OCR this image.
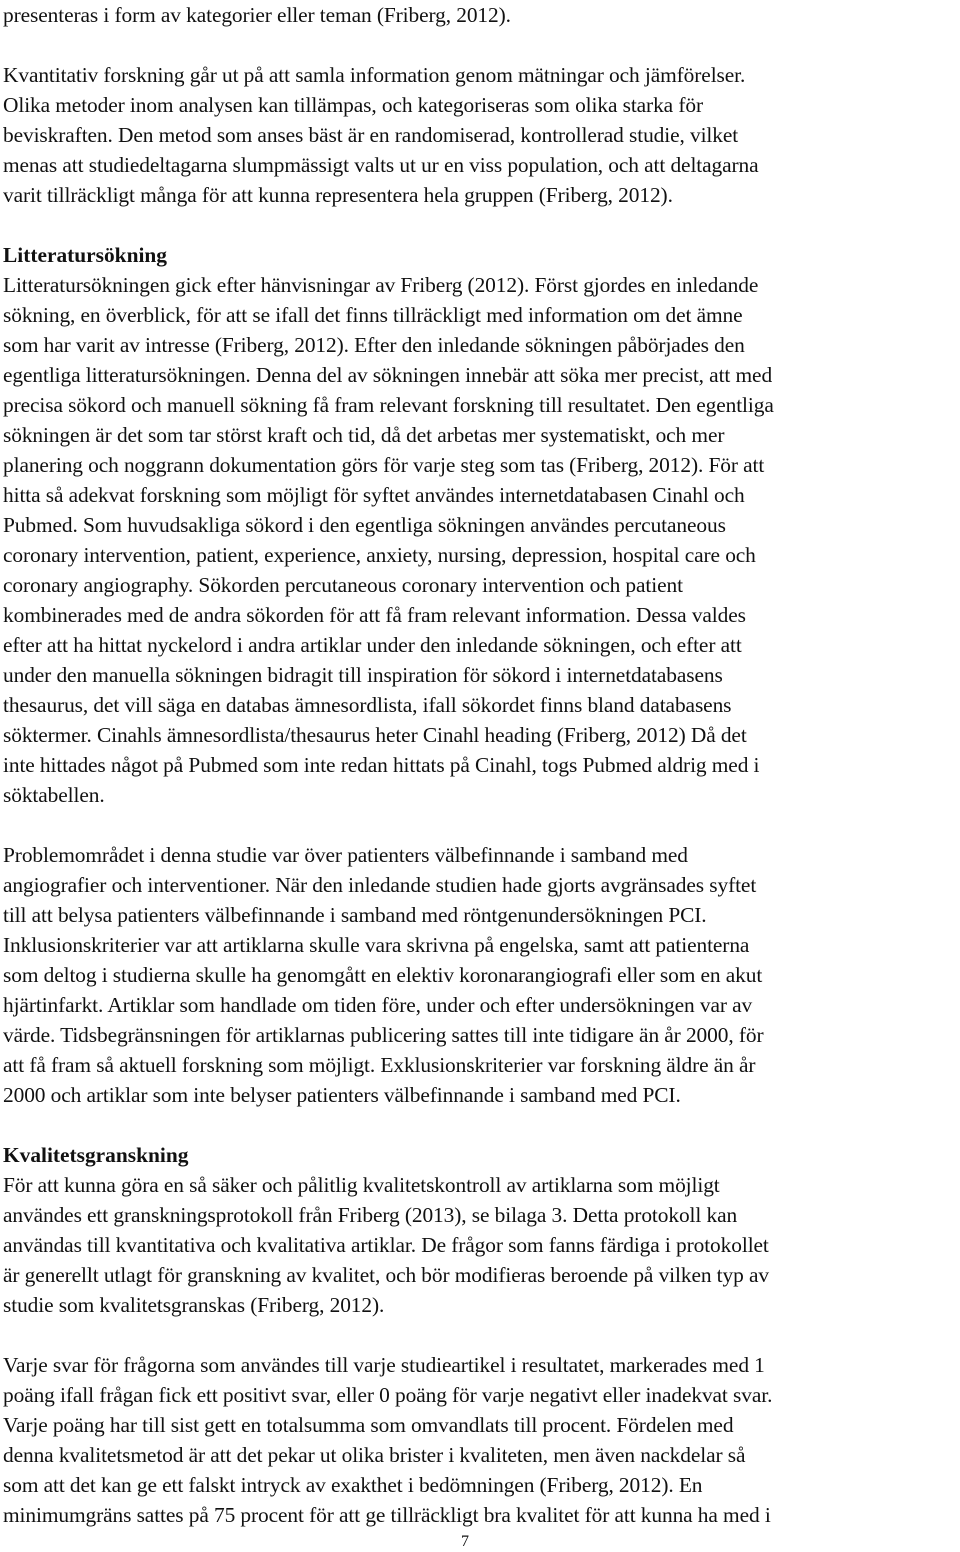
presenteras i form av kategorier eller teman (Friberg, 2012).

Kvantitativ forskning går ut på att samla information genom mätningar och jämförelser.
Olika metoder inom analysen kan tillämpas, och kategoriseras som olika starka för
beviskraften. Den metod som anses bäst är en randomiserad, kontrollerad studie, vilket
menas att studiedeltagarna slumpmässigt valts ut ur en viss population, och att deltagarna
varit tillräckligt många för att kunna representera hela gruppen (Friberg, 2012).

Litteratursökning
Litteratursökningen gick efter hänvisningar av Friberg (2012). Först gjordes en inledande
sökning, en överblick, för att se ifall det finns tillräckligt med information om det ämne
som har varit av intresse (Friberg, 2012). Efter den inledande sökningen påbörjades den
egentliga litteratursökningen. Denna del av sökningen innebär att söka mer precist, att med
precisa sökord och manuell sökning få fram relevant forskning till resultatet. Den egentliga
sökningen är det som tar störst kraft och tid, då det arbetas mer systematiskt, och mer
planering och noggrann dokumentation görs för varje steg som tas (Friberg, 2012). För att
hitta så adekvat forskning som möjligt för syftet användes internetdatabasen Cinahl och
Pubmed. Som huvudsakliga sökord i den egentliga sökningen användes percutaneous
coronary intervention, patient, experience, anxiety, nursing, depression, hospital care och
coronary angiography. Sökorden percutaneous coronary intervention och patient
kombinerades med de andra sökorden för att få fram relevant information. Dessa valdes
efter att ha hittat nyckelord i andra artiklar under den inledande sökningen, och efter att
under den manuella sökningen bidragit till inspiration för sökord i internetdatabasens
thesaurus, det vill säga en databas ämnesordlista, ifall sökordet finns bland databasens
söktermer. Cinahls ämnesordlista/thesaurus heter Cinahl heading (Friberg, 2012) Då det
inte hittades något på Pubmed som inte redan hittats på Cinahl, togs Pubmed aldrig med i
söktabellen.

Problemområdet i denna studie var över patienters välbefinnande i samband med
angiografier och interventioner. När den inledande studien hade gjorts avgränsades syftet
till att belysa patienters välbefinnande i samband med röntgenundersökningen PCI.
Inklusionskriterier var att artiklarna skulle vara skrivna på engelska, samt att patienterna
som deltog i studierna skulle ha genomgått en elektiv koronarangiografi eller som en akut
hjärtinfarkt. Artiklar som handlade om tiden före, under och efter undersökningen var av
värde. Tidsbegränsningen för artiklarnas publicering sattes till inte tidigare än år 2000, för
att få fram så aktuell forskning som möjligt. Exklusionskriterier var forskning äldre än år
2000 och artiklar som inte belyser patienters välbefinnande i samband med PCI.

Kvalitetsgranskning
För att kunna göra en så säker och pålitlig kvalitetskontroll av artiklarna som möjligt
användes ett granskningsprotokoll från Friberg (2013), se bilaga 3. Detta protokoll kan
användas till kvantitativa och kvalitativa artiklar. De frågor som fanns färdiga i protokollet
är generellt utlagt för granskning av kvalitet, och bör modifieras beroende på vilken typ av
studie som kvalitetsgranskas (Friberg, 2012).

Varje svar för frågorna som användes till varje studieartikel i resultatet, markerades med 1
poäng ifall frågan fick ett positivt svar, eller 0 poäng för varje negativt eller inadekvat svar.
Varje poäng har till sist gett en totalsumma som omvandlats till procent. Fördelen med
denna kvalitetsmetod är att det pekar ut olika brister i kvaliteten, men även nackdelar så
som att det kan ge ett falskt intryck av exakthet i bedömningen (Friberg, 2012). En
minimumgräns sattes på 75 procent för att ge tillräckligt bra kvalitet för att kunna ha med i

7
